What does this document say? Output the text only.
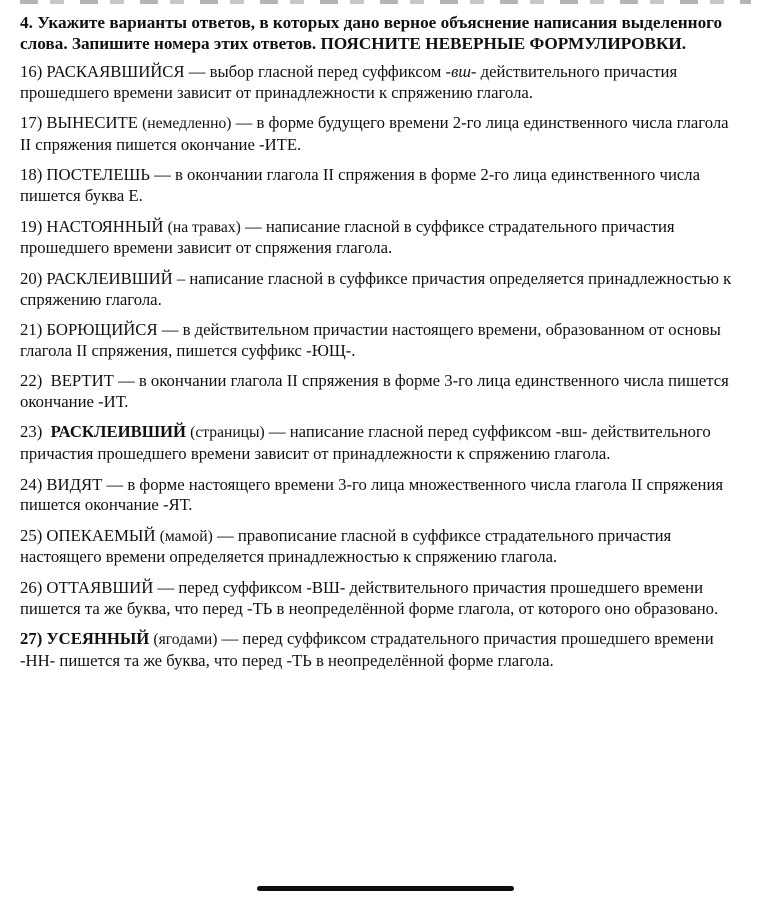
4. Укажите варианты ответов, в которых дано верное объяснение написания выделенного слова. Запишите номера этих ответов. ПОЯСНИТЕ НЕВЕРНЫЕ ФОРМУЛИРОВКИ.

16) РАСКАЯВШИЙСЯ — выбор гласной перед суффиксом -вш- действительного причастия прошедшего времени зависит от принадлежности к спряжению глагола.

17) ВЫНЕСИТЕ (немедленно) — в форме будущего времени 2-го лица единственного числа глагола II спряжения пишется окончание -ИТЕ.

18) ПОСТЕЛЕШЬ — в окончании глагола II спряжения в форме 2-го лица единственного числа пишется буква Е.

19) НАСТОЯННЫЙ (на травах) — написание гласной в суффиксе страдательного причастия прошедшего времени зависит от спряжения глагола.

20) РАСКЛЕИВШИЙ – написание гласной в суффиксе причастия определяется принадлежностью к спряжению глагола.

21) БОРЮЩИЙСЯ — в действительном причастии настоящего времени, образованном от основы глагола II спряжения, пишется суффикс -ЮЩ-.

22) ВЕРТИТ — в окончании глагола II спряжения в форме 3-го лица единственного числа пишется окончание -ИТ.

23) РАСКЛЕИВШИЙ (страницы) — написание гласной перед суффиксом -вш- действительного причастия прошедшего времени зависит от принадлежности к спряжению глагола.

24) ВИДЯТ — в форме настоящего времени 3-го лица множественного числа глагола II спряжения пишется окончание -ЯТ.

25) ОПЕКАЕМЫЙ (мамой) — правописание гласной в суффиксе страдательного причастия настоящего времени определяется принадлежностью к спряжению глагола.

26) ОТТАЯВШИЙ — перед суффиксом -ВШ- действительного причастия прошедшего времени пишется та же буква, что перед -ТЬ в неопределённой форме глагола, от которого оно образовано.

27) УСЕЯННЫЙ (ягодами) — перед суффиксом страдательного причастия прошедшего времени -НН- пишется та же буква, что перед -ТЬ в неопределённой форме глагола.
